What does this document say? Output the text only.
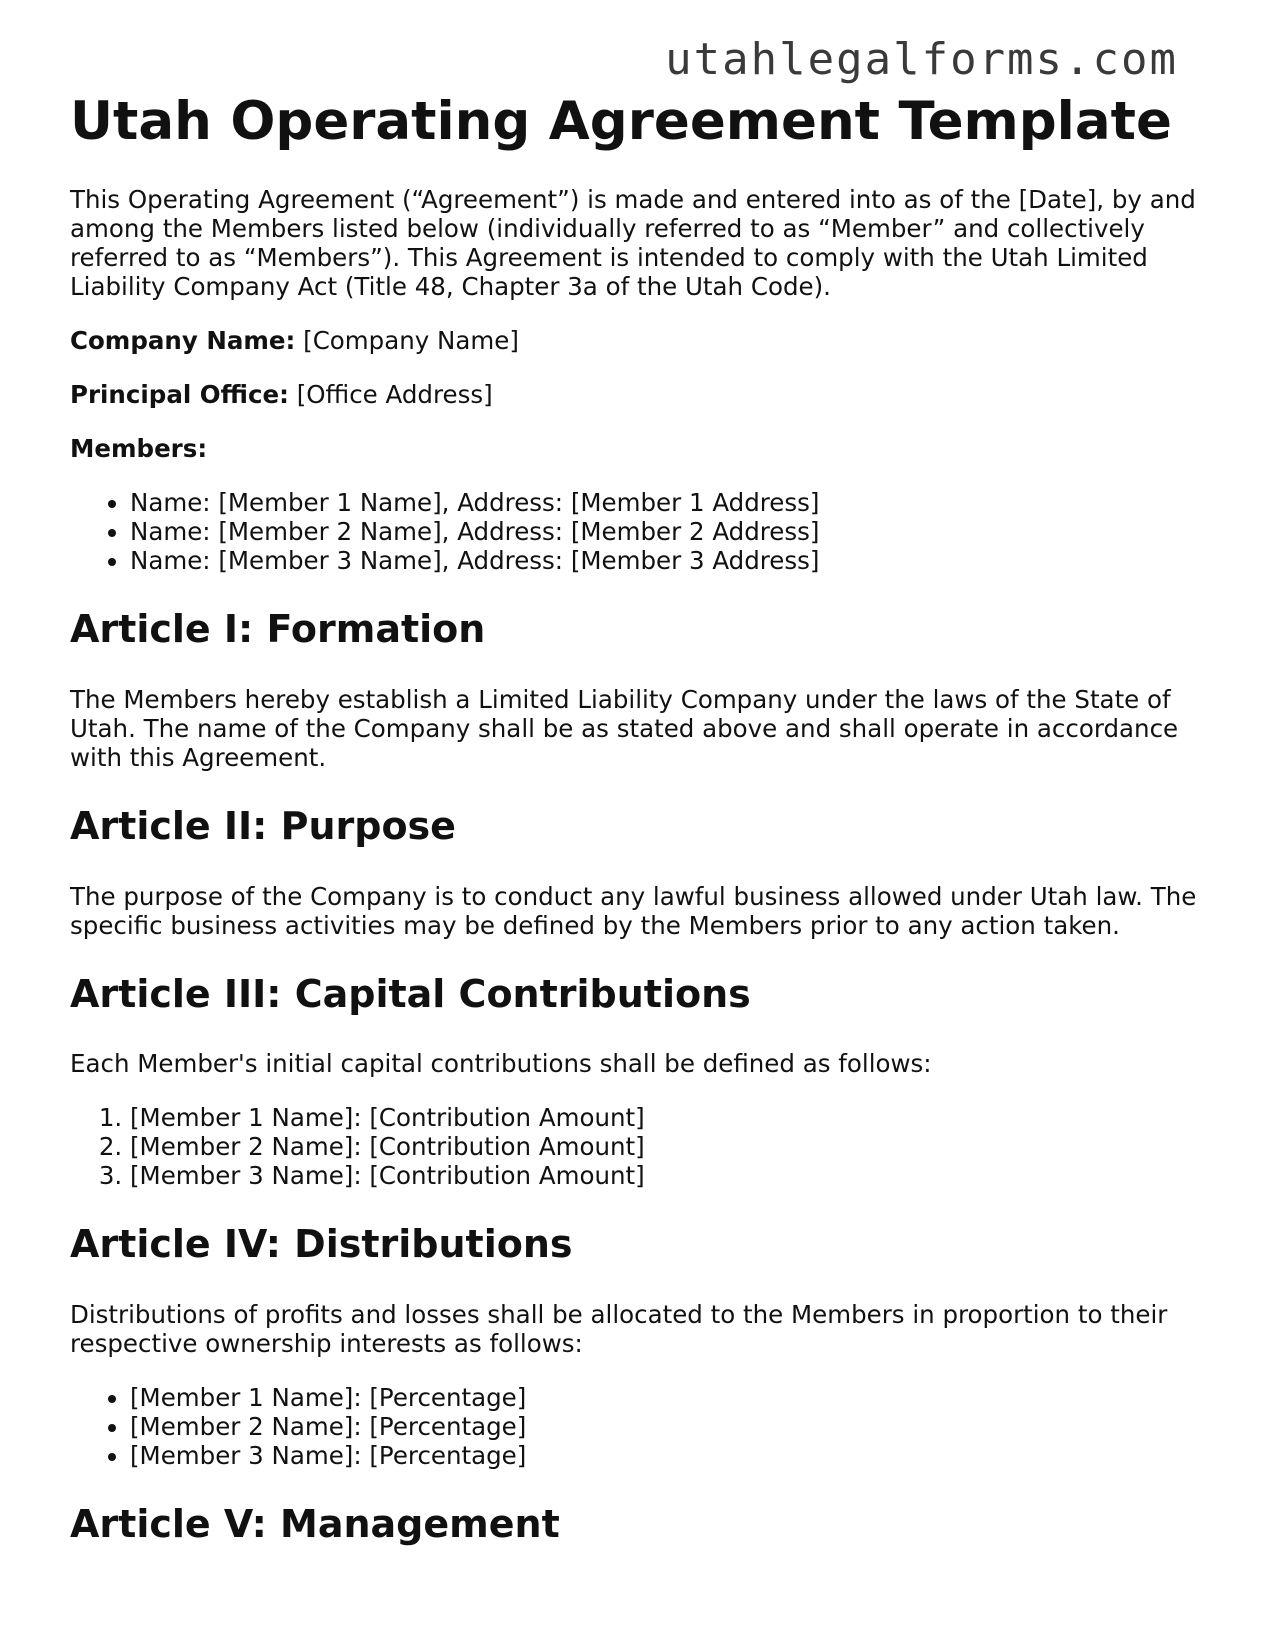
utahlegalforms.com
Utah Operating Agreement Template

This Operating Agreement (“Agreement”) is made and entered into as of the [Date], by and among the Members listed below (individually referred to as “Member” and collectively referred to as “Members”). This Agreement is intended to comply with the Utah Limited Liability Company Act (Title 48, Chapter 3a of the Utah Code).

Company Name: [Company Name]

Principal Office: [Office Address]

Members:

• Name: [Member 1 Name], Address: [Member 1 Address]
• Name: [Member 2 Name], Address: [Member 2 Address]
• Name: [Member 3 Name], Address: [Member 3 Address]
Article I: Formation

The Members hereby establish a Limited Liability Company under the laws of the State of Utah. The name of the Company shall be as stated above and shall operate in accordance with this Agreement.

Article II: Purpose

The purpose of the Company is to conduct any lawful business allowed under Utah law. The specific business activities may be defined by the Members prior to any action taken.

Article III: Capital Contributions

Each Member's initial capital contributions shall be defined as follows:

1. [Member 1 Name]: [Contribution Amount]
2. [Member 2 Name]: [Contribution Amount]
3. [Member 3 Name]: [Contribution Amount]
Article IV: Distributions

Distributions of profits and losses shall be allocated to the Members in proportion to their respective ownership interests as follows:

• [Member 1 Name]: [Percentage]
• [Member 2 Name]: [Percentage]
• [Member 3 Name]: [Percentage]
Article V: Management
